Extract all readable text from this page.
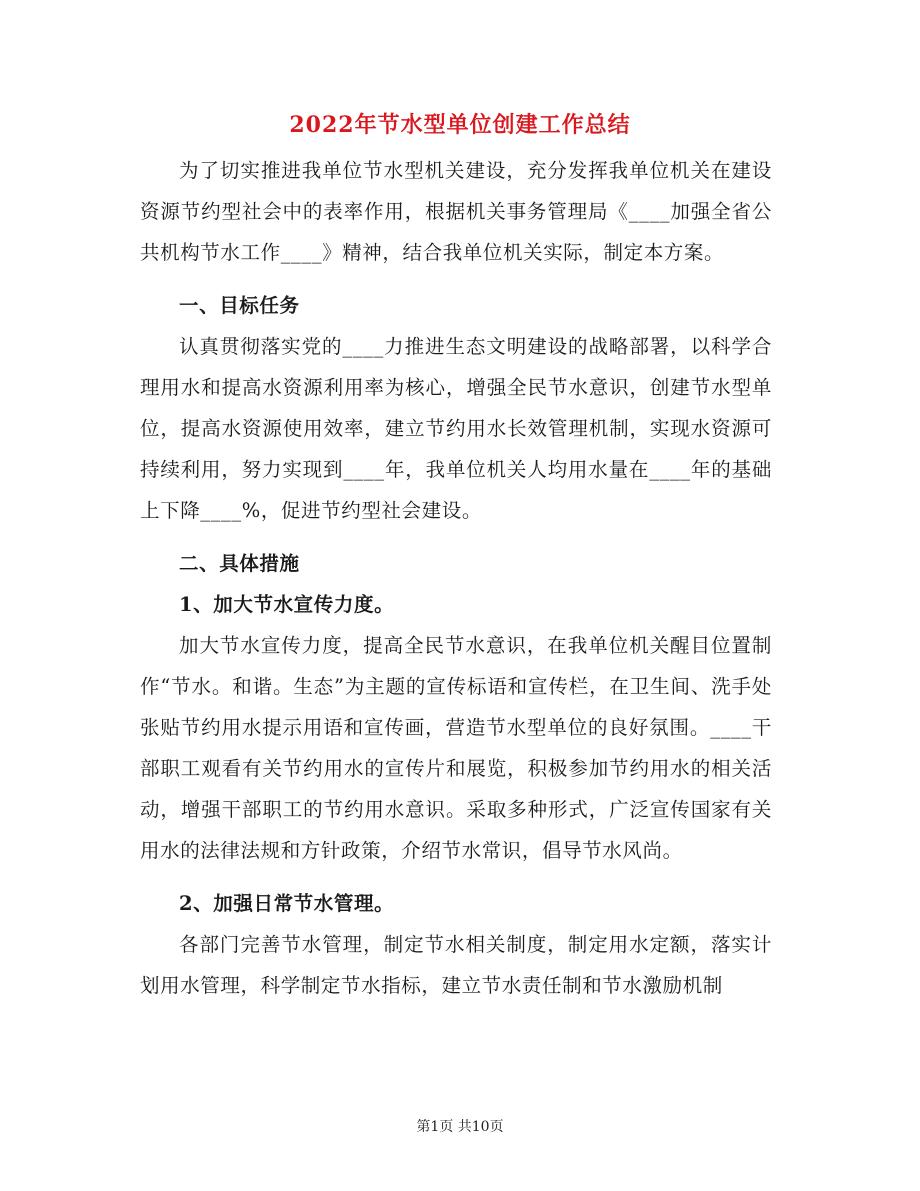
2022年节水型单位创建工作总结

为了切实推进我单位节水型机关建设，充分发挥我单位机关在建设资源节约型社会中的表率作用，根据机关事务管理局《____加强全省公共机构节水工作____》精神，结合我单位机关实际，制定本方案。

一、目标任务

认真贯彻落实党的____力推进生态文明建设的战略部署，以科学合理用水和提高水资源利用率为核心，增强全民节水意识，创建节水型单位，提高水资源使用效率，建立节约用水长效管理机制，实现水资源可持续利用，努力实现到____年，我单位机关人均用水量在____年的基础上下降____%，促进节约型社会建设。

二、具体措施
1、加大节水宣传力度。

加大节水宣传力度，提高全民节水意识，在我单位机关醒目位置制作“节水。和谐。生态”为主题的宣传标语和宣传栏，在卫生间、洗手处张贴节约用水提示用语和宣传画，营造节水型单位的良好氛围。____干部职工观看有关节约用水的宣传片和展览，积极参加节约用水的相关活动，增强干部职工的节约用水意识。采取多种形式，广泛宣传国家有关用水的法律法规和方针政策，介绍节水常识，倡导节水风尚。

2、加强日常节水管理。

各部门完善节水管理，制定节水相关制度，制定用水定额，落实计划用水管理，科学制定节水指标，建立节水责任制和节水激励机制

第1页 共10页
